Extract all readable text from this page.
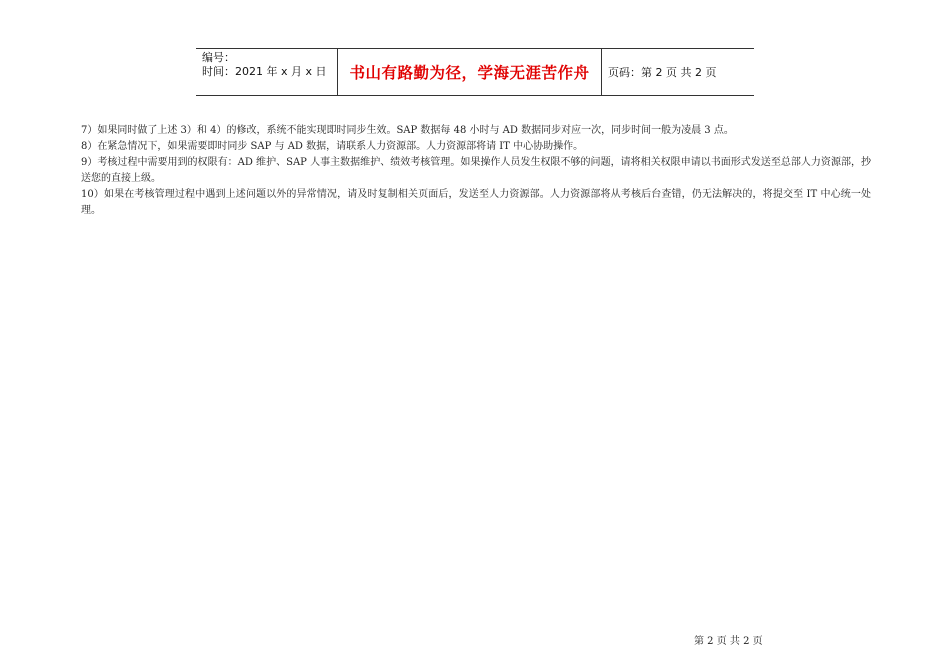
编号：
时间：2021 年 x 月 x 日	书山有路勤为径，学海无涯苦作舟	页码：第 2 页 共 2 页

7）如果同时做了上述 3）和 4）的修改，系统不能实现即时同步生效。SAP 数据每 48 小时与 AD 数据同步对应一次，同步时间一般为凌晨 3 点。

8）在紧急情况下，如果需要即时同步 SAP 与 AD 数据，请联系人力资源部。人力资源部将请 IT 中心协助操作。

9）考核过程中需要用到的权限有：AD 维护、SAP 人事主数据维护、绩效考核管理。如果操作人员发生权限不够的问题，请将相关权限申请以书面形式发送至总部人力资源部，抄送您的直接上级。

10）如果在考核管理过程中遇到上述问题以外的异常情况，请及时复制相关页面后，发送至人力资源部。人力资源部将从考核后台查错，仍无法解决的，将提交至 IT 中心统一处理。

第 2 页 共 2 页
